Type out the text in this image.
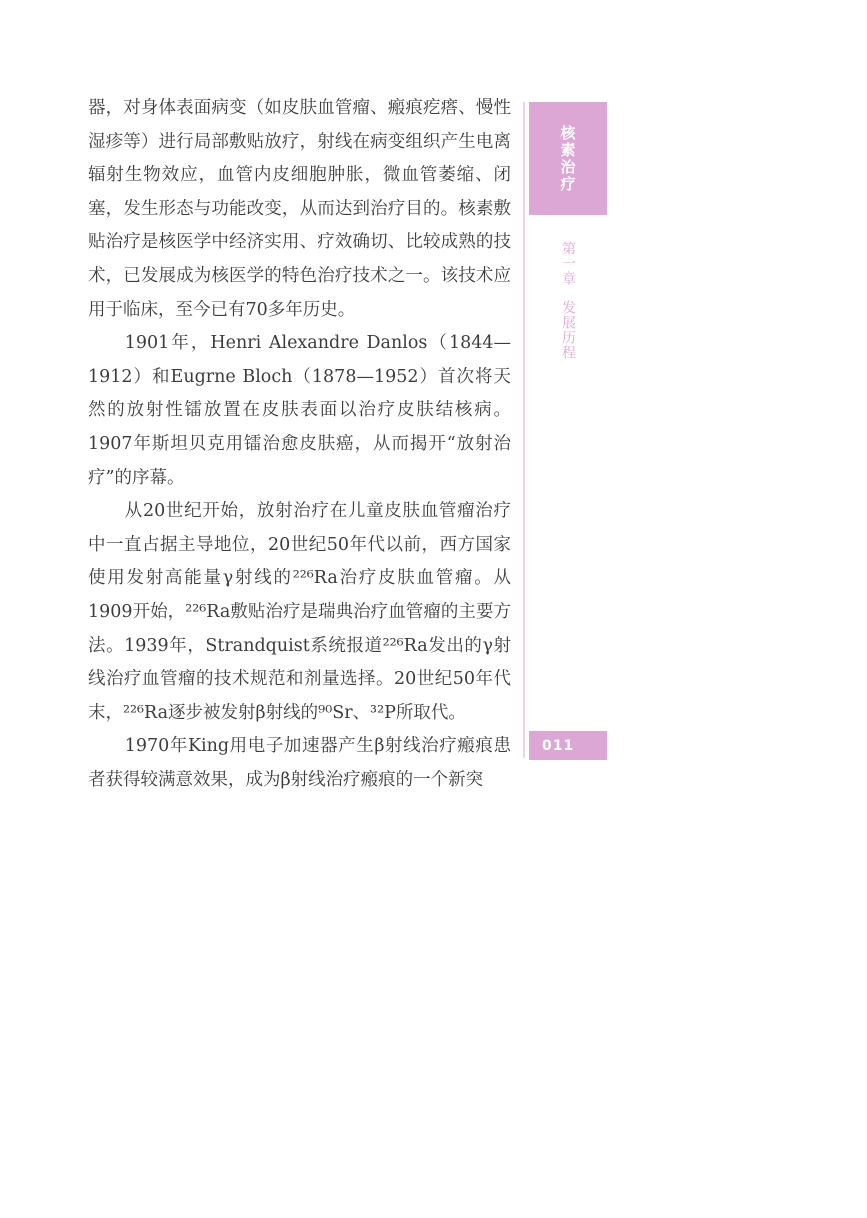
器，对身体表面病变（如皮肤血管瘤、瘢痕疙瘩、慢性湿疹等）进行局部敷贴放疗，射线在病变组织产生电离辐射生物效应，血管内皮细胞肿胀，微血管萎缩、闭塞，发生形态与功能改变，从而达到治疗目的。核素敷贴治疗是核医学中经济实用、疗效确切、比较成熟的技术，已发展成为核医学的特色治疗技术之一。该技术应用于临床，至今已有70多年历史。

1901年，Henri Alexandre Danlos（1844—1912）和Eugrne Bloch（1878—1952）首次将天然的放射性镭放置在皮肤表面以治疗皮肤结核病。1907年斯坦贝克用镭治愈皮肤癌，从而揭开“放射治疗”的序幕。

从20世纪开始，放射治疗在儿童皮肤血管瘤治疗中一直占据主导地位，20世纪50年代以前，西方国家使用发射高能量γ射线的²²⁶Ra治疗皮肤血管瘤。从1909开始，²²⁶Ra敷贴治疗是瑞典治疗血管瘤的主要方法。1939年，Strandquist系统报道²²⁶Ra发出的γ射线治疗血管瘤的技术规范和剂量选择。20世纪50年代末，²²⁶Ra逐步被发射β射线的⁹⁰Sr、³²P所取代。

1970年King用电子加速器产生β射线治疗瘢痕患者获得较满意效果，成为β射线治疗瘢痕的一个新突

核素治疗
第一章
发展历程
011
